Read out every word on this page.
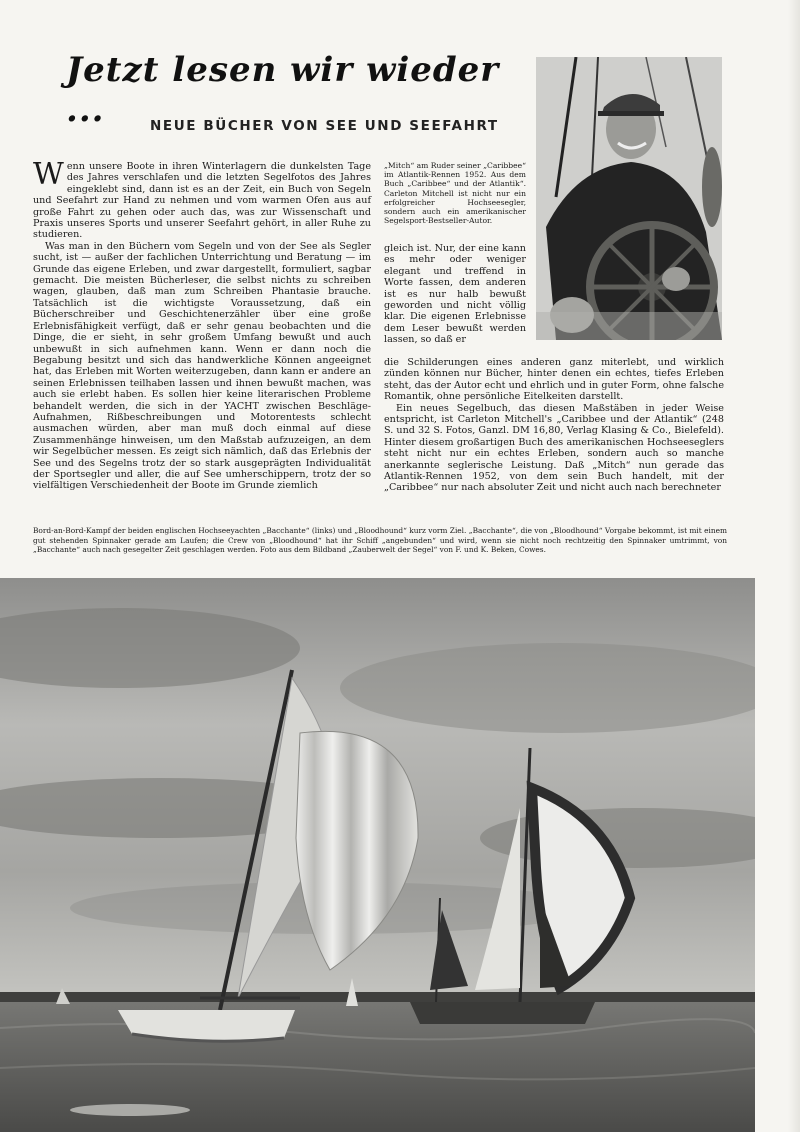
Jetzt lesen wir wieder ...	NEUE BÜCHER VON SEE UND SEEFAHRT

Wenn unsere Boote in ihren Winterlagern die dunkelsten Tage des Jahres verschlafen und die letzten Segelfotos des Jahres eingeklebt sind, dann ist es an der Zeit, ein Buch von Segeln und Seefahrt zur Hand zu nehmen und vom warmen Ofen aus auf große Fahrt zu gehen oder auch das, was zur Wissenschaft und Praxis unseres Sports und unserer Seefahrt gehört, in aller Ruhe zu studieren.

Was man in den Büchern vom Segeln und von der See als Segler sucht, ist — außer der fachlichen Unterrichtung und Beratung — im Grunde das eigene Erleben, und zwar dargestellt, formuliert, sagbar gemacht. Die meisten Bücherleser, die selbst nichts zu schreiben wagen, glauben, daß man zum Schreiben Phantasie brauche. Tatsächlich ist die wichtigste Voraussetzung, daß ein Bücherschreiber und Geschichtenerzähler über eine große Erlebnisfähigkeit verfügt, daß er sehr genau beobachten und die Dinge, die er sieht, in sehr großem Umfang bewußt und auch unbewußt in sich aufnehmen kann. Wenn er dann noch die Begabung besitzt und sich das handwerkliche Können angeeignet hat, das Erleben mit Worten weiterzugeben, dann kann er andere an seinen Erlebnissen teilhaben lassen und ihnen bewußt machen, was auch sie erlebt haben. Es sollen hier keine literarischen Probleme behandelt werden, die sich in der YACHT zwischen Beschläge-Aufnahmen, Rißbeschreibungen und Motorentests schlecht ausmachen würden, aber man muß doch einmal auf diese Zusammenhänge hinweisen, um den Maßstab aufzuzeigen, an dem wir Segelbücher messen. Es zeigt sich nämlich, daß das Erlebnis der See und des Segelns trotz der so stark ausgeprägten Individualität der Sportsegler und aller, die auf See umherschippern, trotz der so vielfältigen Verschiedenheit der Boote im Grunde ziemlich

„Mitch“ am Ruder seiner „Caribbee“ im Atlantik-Rennen 1952. Aus dem Buch „Caribbee“ und der Atlantik“. Carleton Mitchell ist nicht nur ein erfolgreicher Hochseesegler, sondern auch ein amerikanischer Segelsport-Bestseller-Autor.

gleich ist. Nur, der eine kann es mehr oder weniger elegant und treffend in Worte fassen, dem anderen ist es nur halb bewußt geworden und nicht völlig klar. Die eigenen Erlebnisse dem Leser bewußt werden lassen, so daß er

die Schilderungen eines anderen ganz miterlebt, und wirklich zünden können nur Bücher, hinter denen ein echtes, tiefes Erleben steht, das der Autor echt und ehrlich und in guter Form, ohne falsche Romantik, ohne persönliche Eitelkeiten darstellt.

Ein neues Segelbuch, das diesen Maßstäben in jeder Weise entspricht, ist Carleton Mitchell's „Caribbee und der Atlantik“ (248 S. und 32 S. Fotos, Ganzl. DM 16,80, Verlag Klasing & Co., Bielefeld). Hinter diesem großartigen Buch des amerikanischen Hochseeseglers steht nicht nur ein echtes Erleben, sondern auch so manche anerkannte seglerische Leistung. Daß „Mitch“ nun gerade das Atlantik-Rennen 1952, von dem sein Buch handelt, mit der „Caribbee“ nur nach absoluter Zeit und nicht auch nach berechneter

Bord-an-Bord-Kampf der beiden englischen Hochseeyachten „Bacchante“ (links) und „Bloodhound“ kurz vorm Ziel. „Bacchante“, die von „Bloodhound“ Vorgabe bekommt, ist mit einem gut stehenden Spinnaker gerade am Laufen; die Crew von „Bloodhound“ hat ihr Schiff „angebunden“ und wird, wenn sie nicht noch rechtzeitig den Spinnaker umtrimmt, von „Bacchante“ auch nach gesegelter Zeit geschlagen werden. Foto aus dem Bildband „Zauberwelt der Segel“ von F. und K. Beken, Cowes.
